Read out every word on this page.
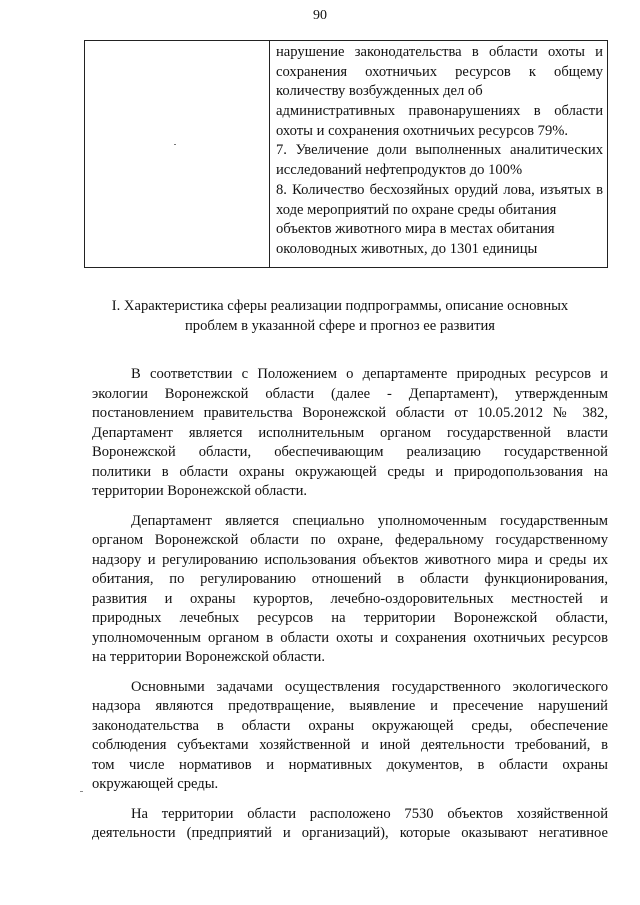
90

нарушение законодательства в области охоты и
сохранения охотничьих ресурсов к общему
количеству возбужденных дел об
административных правонарушениях в области
охоты и сохранения охотничьих ресурсов 79%.
7. Увеличение доли выполненных аналитических
исследований нефтепродуктов до 100%
8. Количество бесхозяйных орудий лова, изъятых в
ходе мероприятий по охране среды обитания
объектов животного мира в местах обитания
околоводных животных, до 1301 единицы
I. Характеристика сферы реализации подпрограммы, описание основных
проблем в указанной сфере и прогноз ее развития
В соответствии с Положением о департаменте природных ресурсов и
экологии Воронежской области (далее - Департамент), утвержденным
постановлением правительства Воронежской области от 10.05.2012 № 382,
Департамент является исполнительным органом государственной власти
Воронежской области, обеспечивающим реализацию государственной
политики в области охраны окружающей среды и природопользования на
территории Воронежской области.
Департамент является специально уполномоченным государственным
органом Воронежской области по охране, федеральному государственному
надзору и регулированию использования объектов животного мира и среды их
обитания, по регулированию отношений в области функционирования,
развития и охраны курортов, лечебно-оздоровительных местностей и
природных лечебных ресурсов на территории Воронежской области,
уполномоченным органом в области охоты и сохранения охотничьих ресурсов
на территории Воронежской области.
Основными задачами осуществления государственного экологического
надзора являются предотвращение, выявление и пресечение нарушений
законодательства в области охраны окружающей среды, обеспечение
соблюдения субъектами хозяйственной и иной деятельности требований, в
том числе нормативов и нормативных документов, в области охраны
окружающей среды.
На территории области расположено 7530 объектов хозяйственной
деятельности (предприятий и организаций), которые оказывают негативное
